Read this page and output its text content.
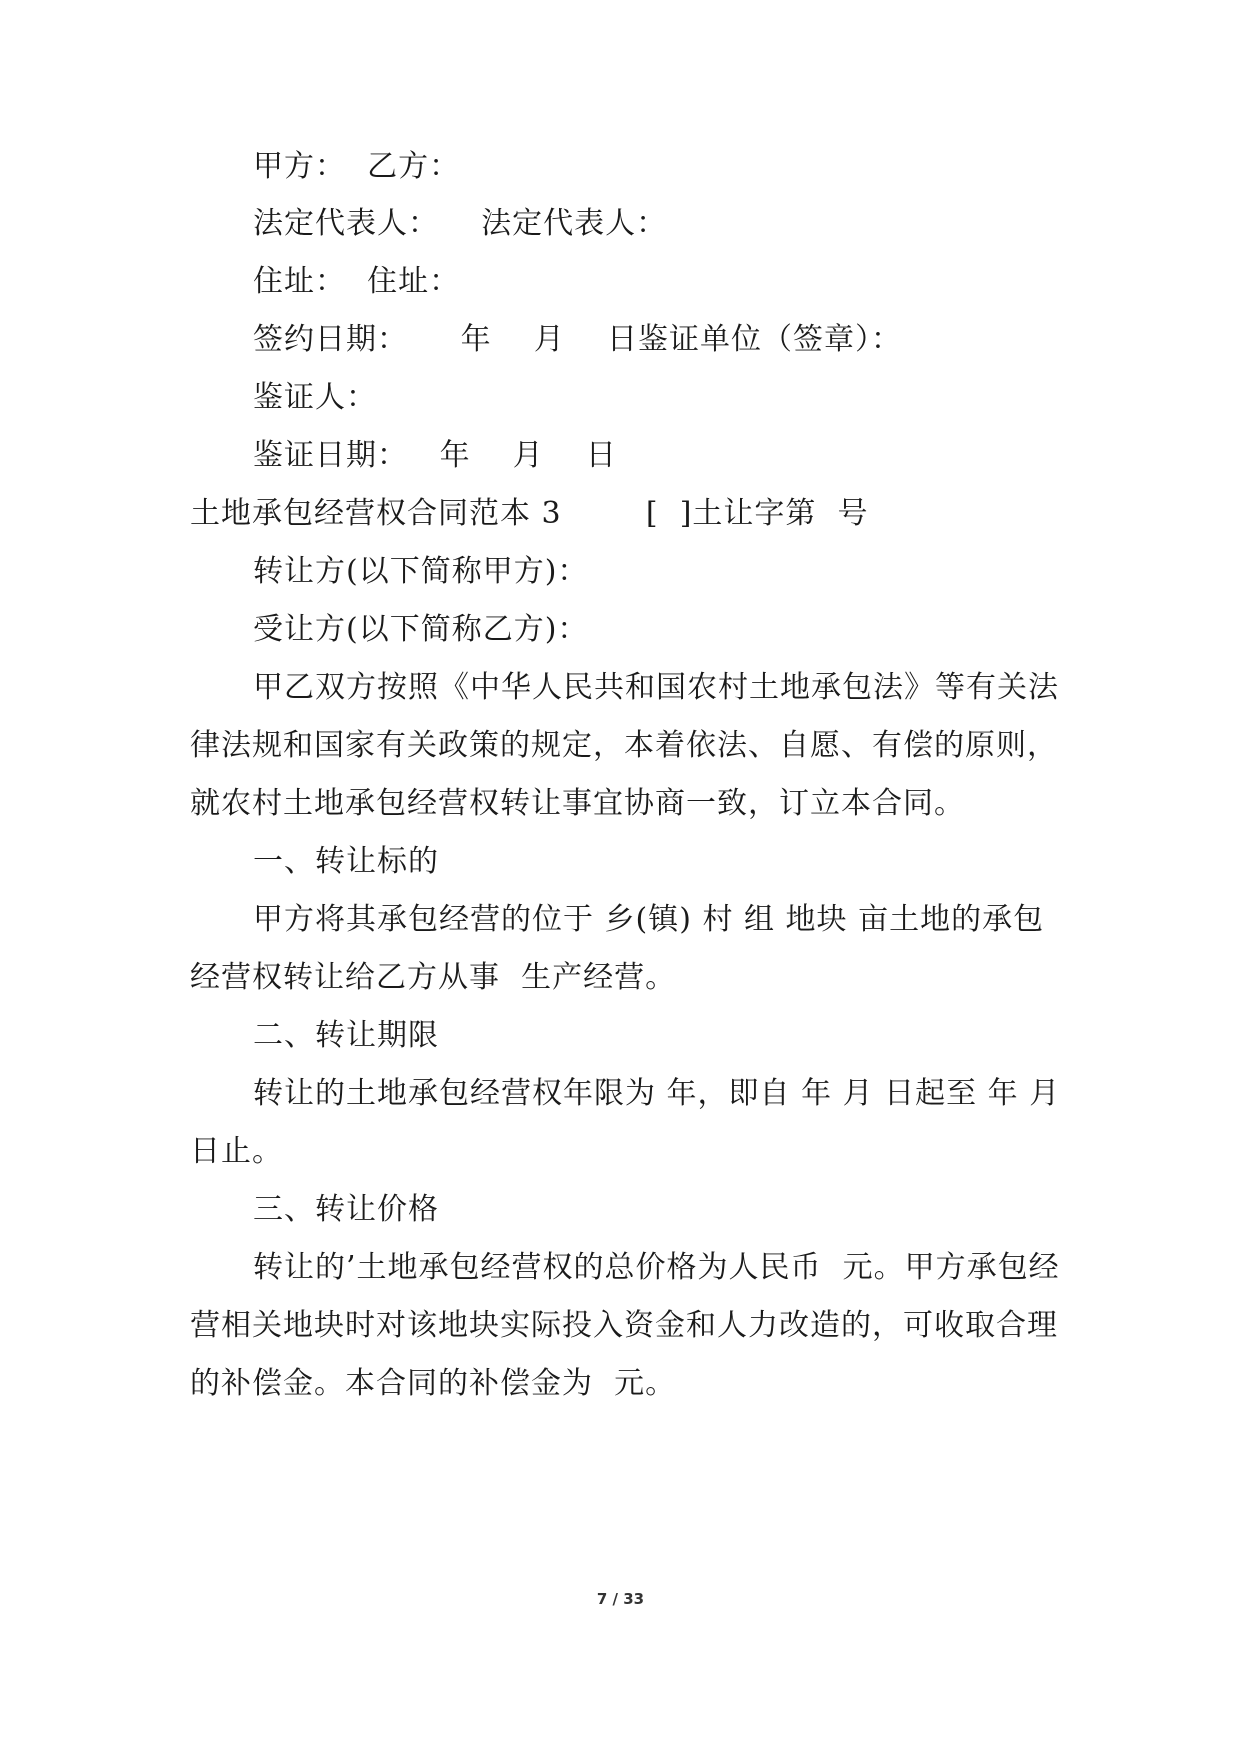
甲方：  乙方：
法定代表人：    法定代表人：
住址：  住址：
签约日期：     年    月    日鉴证单位（签章）：
鉴证人：
鉴证日期：   年    月    日
土地承包经营权合同范本 3        [  ]土让字第  号
转让方(以下简称甲方)：
受让方(以下简称乙方)：
甲乙双方按照《中华人民共和国农村土地承包法》等有关法
律法规和国家有关政策的规定，本着依法、自愿、有偿的原则，
就农村土地承包经营权转让事宜协商一致，订立本合同。
一、转让标的
甲方将其承包经营的位于 乡(镇) 村 组 地块 亩土地的承包
经营权转让给乙方从事  生产经营。
二、转让期限
转让的土地承包经营权年限为 年，即自 年 月 日起至 年 月
日止。
三、转让价格
转让的’土地承包经营权的总价格为人民币  元。甲方承包经
营相关地块时对该地块实际投入资金和人力改造的，可收取合理
的补偿金。本合同的补偿金为  元。
7 / 33
